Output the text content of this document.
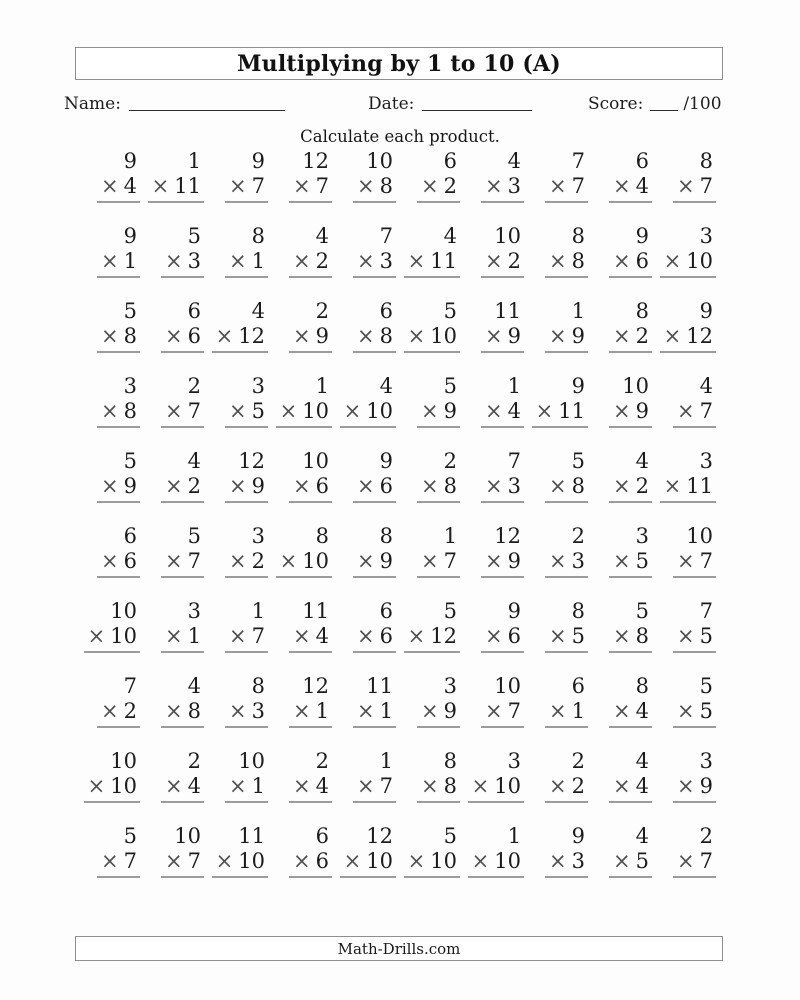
Multiplying by 1 to 10 (A)
Name:	Date:	Score: /100
Calculate each product.
9
× 4
1
× 11
9
× 7
12
× 7
10
× 8
6
× 2
4
× 3
7
× 7
6
× 4
8
× 7
9
× 1
5
× 3
8
× 1
4
× 2
7
× 3
4
× 11
10
× 2
8
× 8
9
× 6
3
× 10
5
× 8
6
× 6
4
× 12
2
× 9
6
× 8
5
× 10
11
× 9
1
× 9
8
× 2
9
× 12
3
× 8
2
× 7
3
× 5
1
× 10
4
× 10
5
× 9
1
× 4
9
× 11
10
× 9
4
× 7
5
× 9
4
× 2
12
× 9
10
× 6
9
× 6
2
× 8
7
× 3
5
× 8
4
× 2
3
× 11
6
× 6
5
× 7
3
× 2
8
× 10
8
× 9
1
× 7
12
× 9
2
× 3
3
× 5
10
× 7
10
× 10
3
× 1
1
× 7
11
× 4
6
× 6
5
× 12
9
× 6
8
× 5
5
× 8
7
× 5
7
× 2
4
× 8
8
× 3
12
× 1
11
× 1
3
× 9
10
× 7
6
× 1
8
× 4
5
× 5
10
× 10
2
× 4
10
× 1
2
× 4
1
× 7
8
× 8
3
× 10
2
× 2
4
× 4
3
× 9
5
× 7
10
× 7
11
× 10
6
× 6
12
× 10
5
× 10
1
× 10
9
× 3
4
× 5
2
× 7
Math-Drills.com
